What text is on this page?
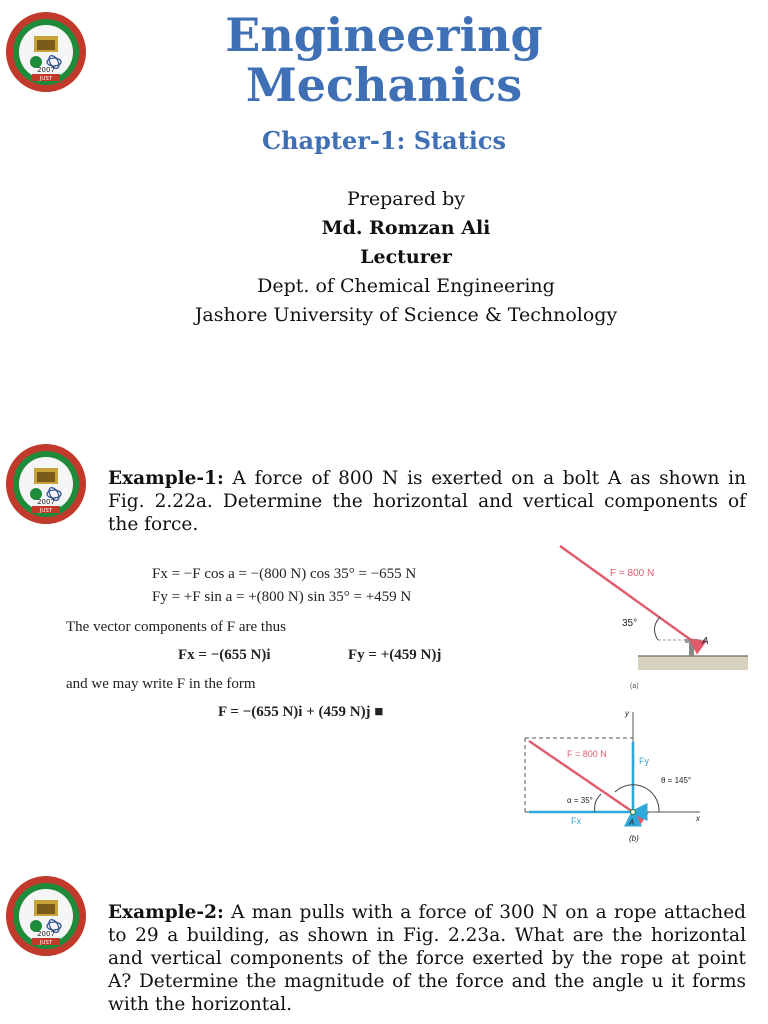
2007
JUST
Engineering
Mechanics
Chapter-1: Statics
Prepared by
Md. Romzan Ali
Lecturer
Dept. of Chemical Engineering
Jashore University of Science & Technology
2007
JUST
Example-1: A force of 800 N is exerted on a bolt A as shown in Fig. 2.22a. Determine the horizontal and vertical components of the force.
Fx = −F cos a = −(800 N) cos 35° = −655 N
Fy = +F sin a = +(800 N) sin 35° = +459 N
The vector components of F are thus
Fx = −(655 N)i	Fy = +(459 N)j
and we may write F in the form
F = −(655 N)i + (459 N)j ■
F = 800 N
35°
A
(a)
F = 800 N
Fy
Fx
θ = 145°
α = 35°
A
(b)
x
y
2007
JUST
Example-2: A man pulls with a force of 300 N on a rope attached to 29 a building, as shown in Fig. 2.23a. What are the horizontal and vertical components of the force exerted by the rope at point A? Determine the magnitude of the force and the angle u it forms with the horizontal.
